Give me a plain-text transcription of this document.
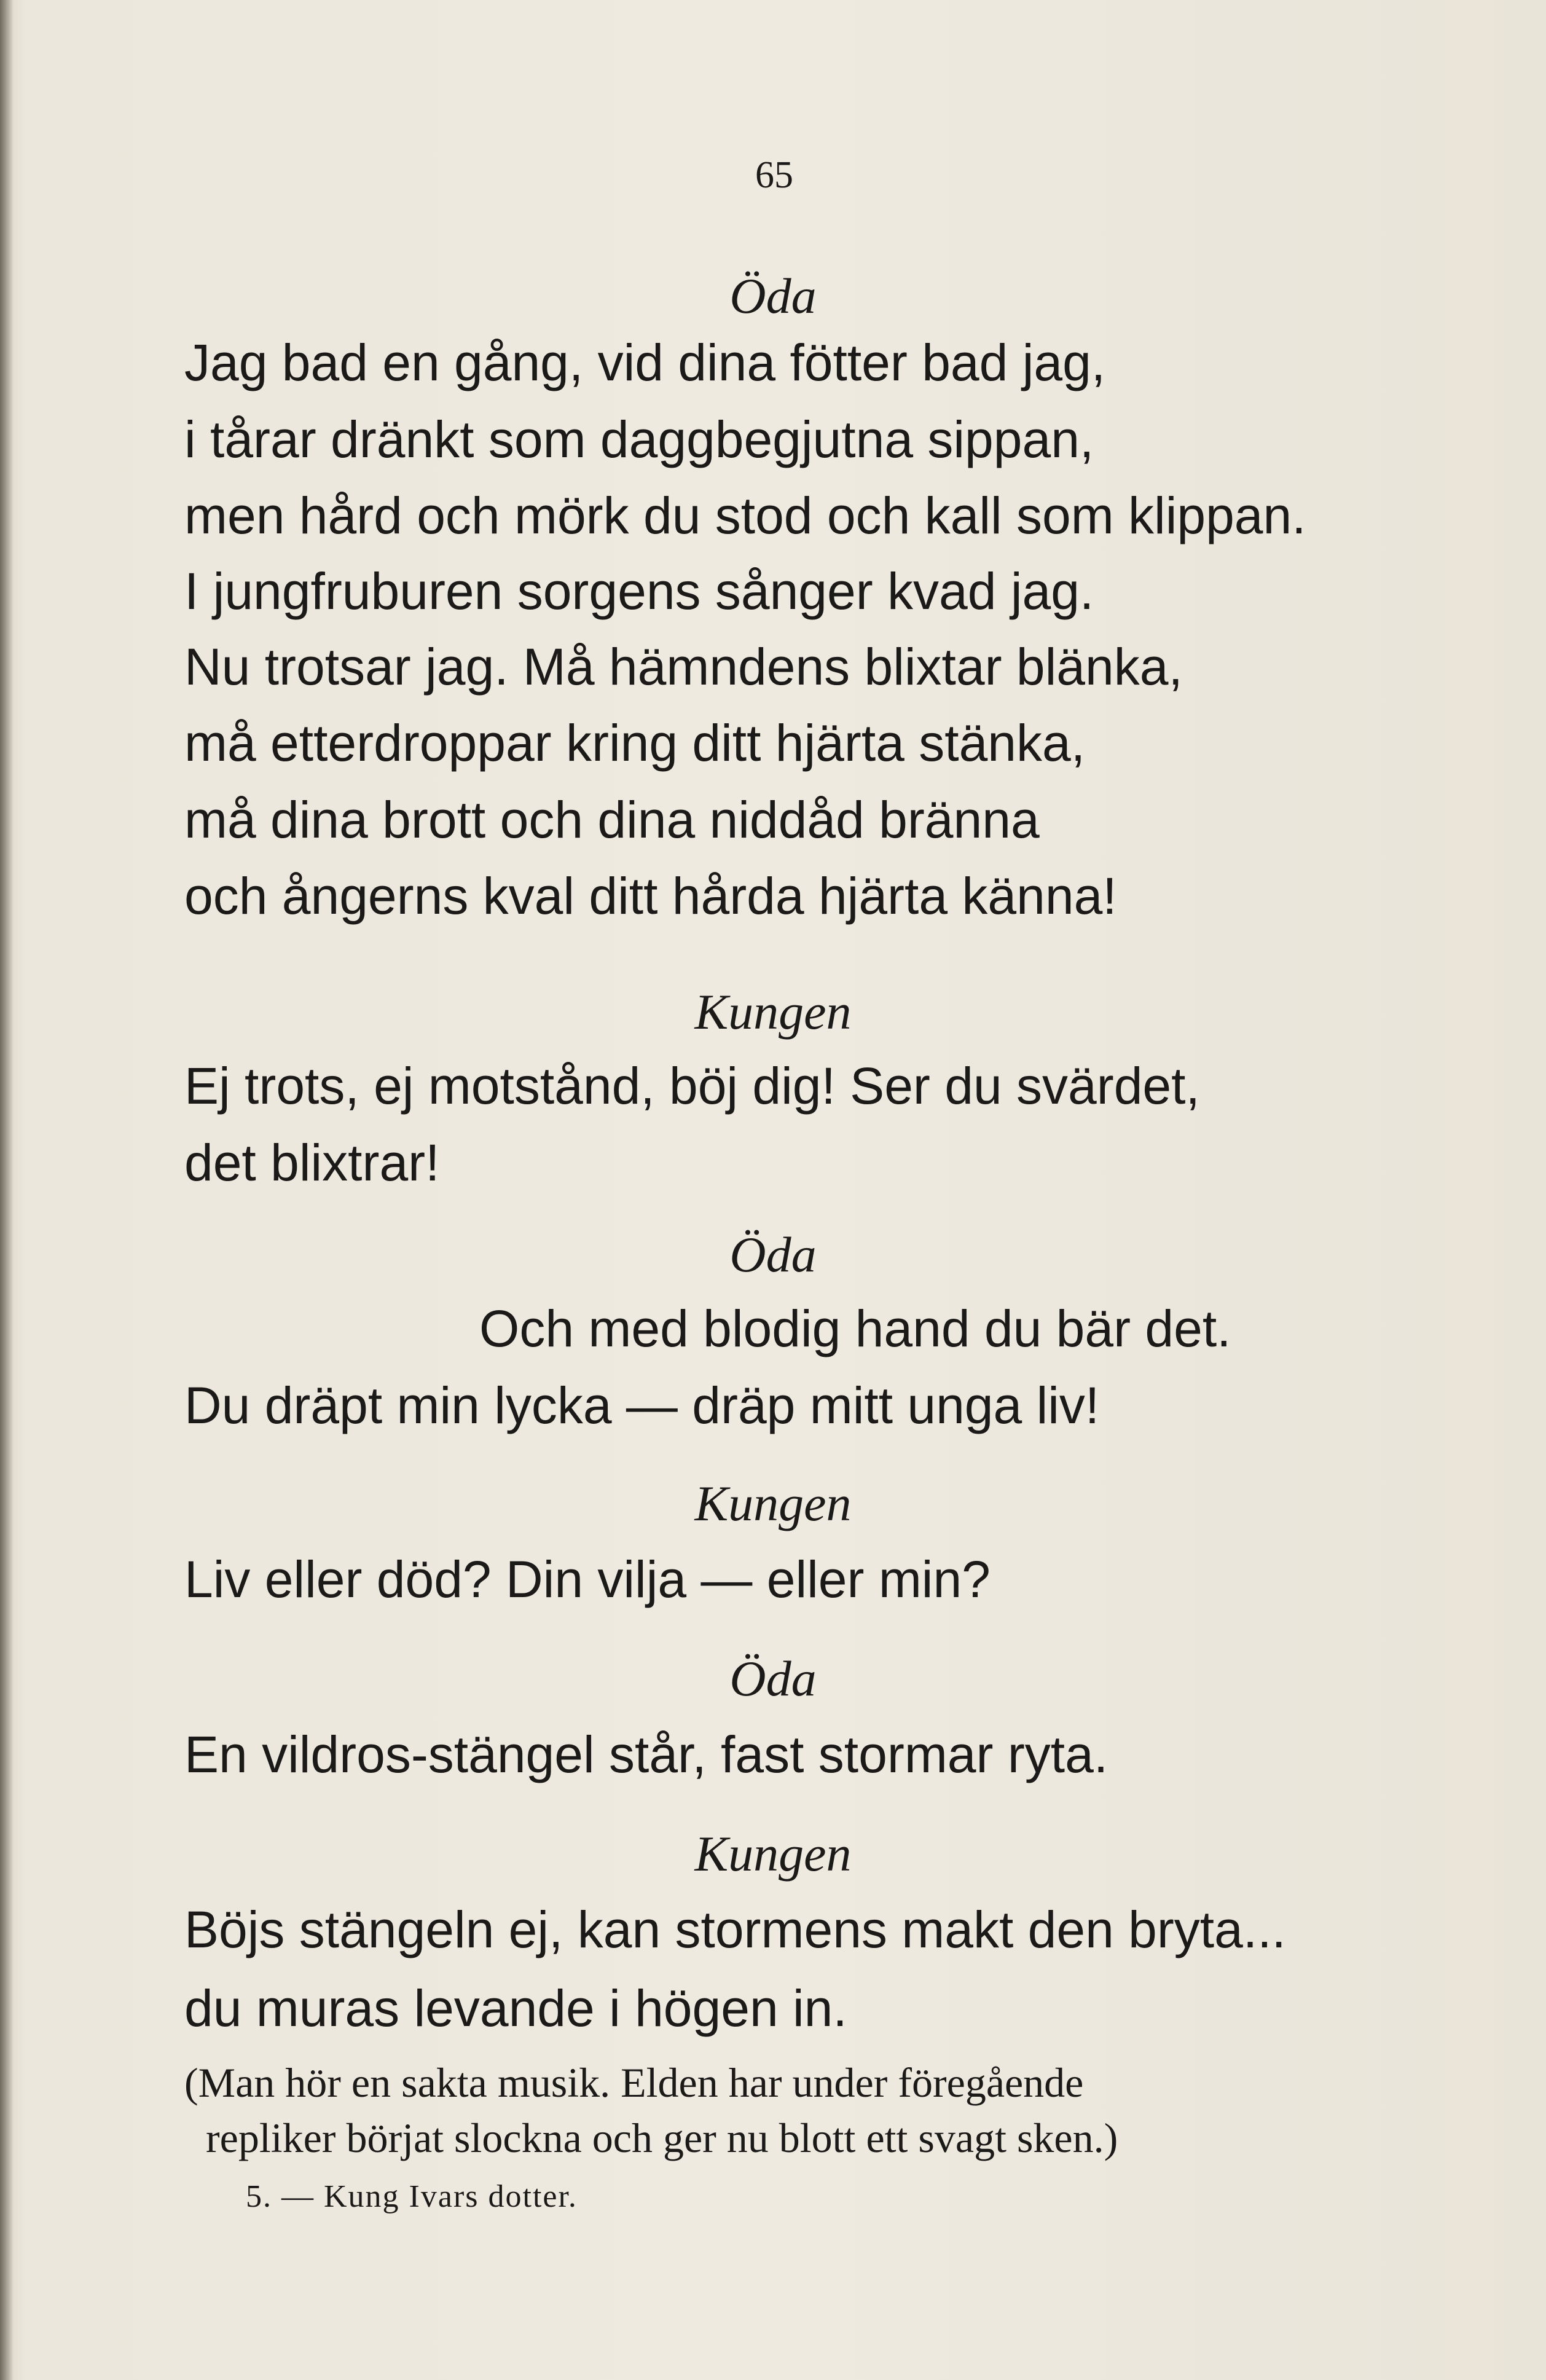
65
Öda
Jag bad en gång, vid dina fötter bad jag,
i tårar dränkt som daggbegjutna sippan,
men hård och mörk du stod och kall som klippan.
I jungfruburen sorgens sånger kvad jag.
Nu trotsar jag. Må hämndens blixtar blänka,
må etterdroppar kring ditt hjärta stänka,
må dina brott och dina niddåd bränna
och ångerns kval ditt hårda hjärta känna!
Kungen
Ej trots, ej motstånd, böj dig! Ser du svärdet,
det blixtrar!
Öda
Och med blodig hand du bär det.
Du dräpt min lycka — dräp mitt unga liv!
Kungen
Liv eller död? Din vilja — eller min?
Öda
En vildros-stängel står, fast stormar ryta.
Kungen
Böjs stängeln ej, kan stormens makt den bryta...
du muras levande i högen in.
(Man hör en sakta musik. Elden har under föregående
repliker börjat slockna och ger nu blott ett svagt sken.)
5. — Kung Ivars dotter.
